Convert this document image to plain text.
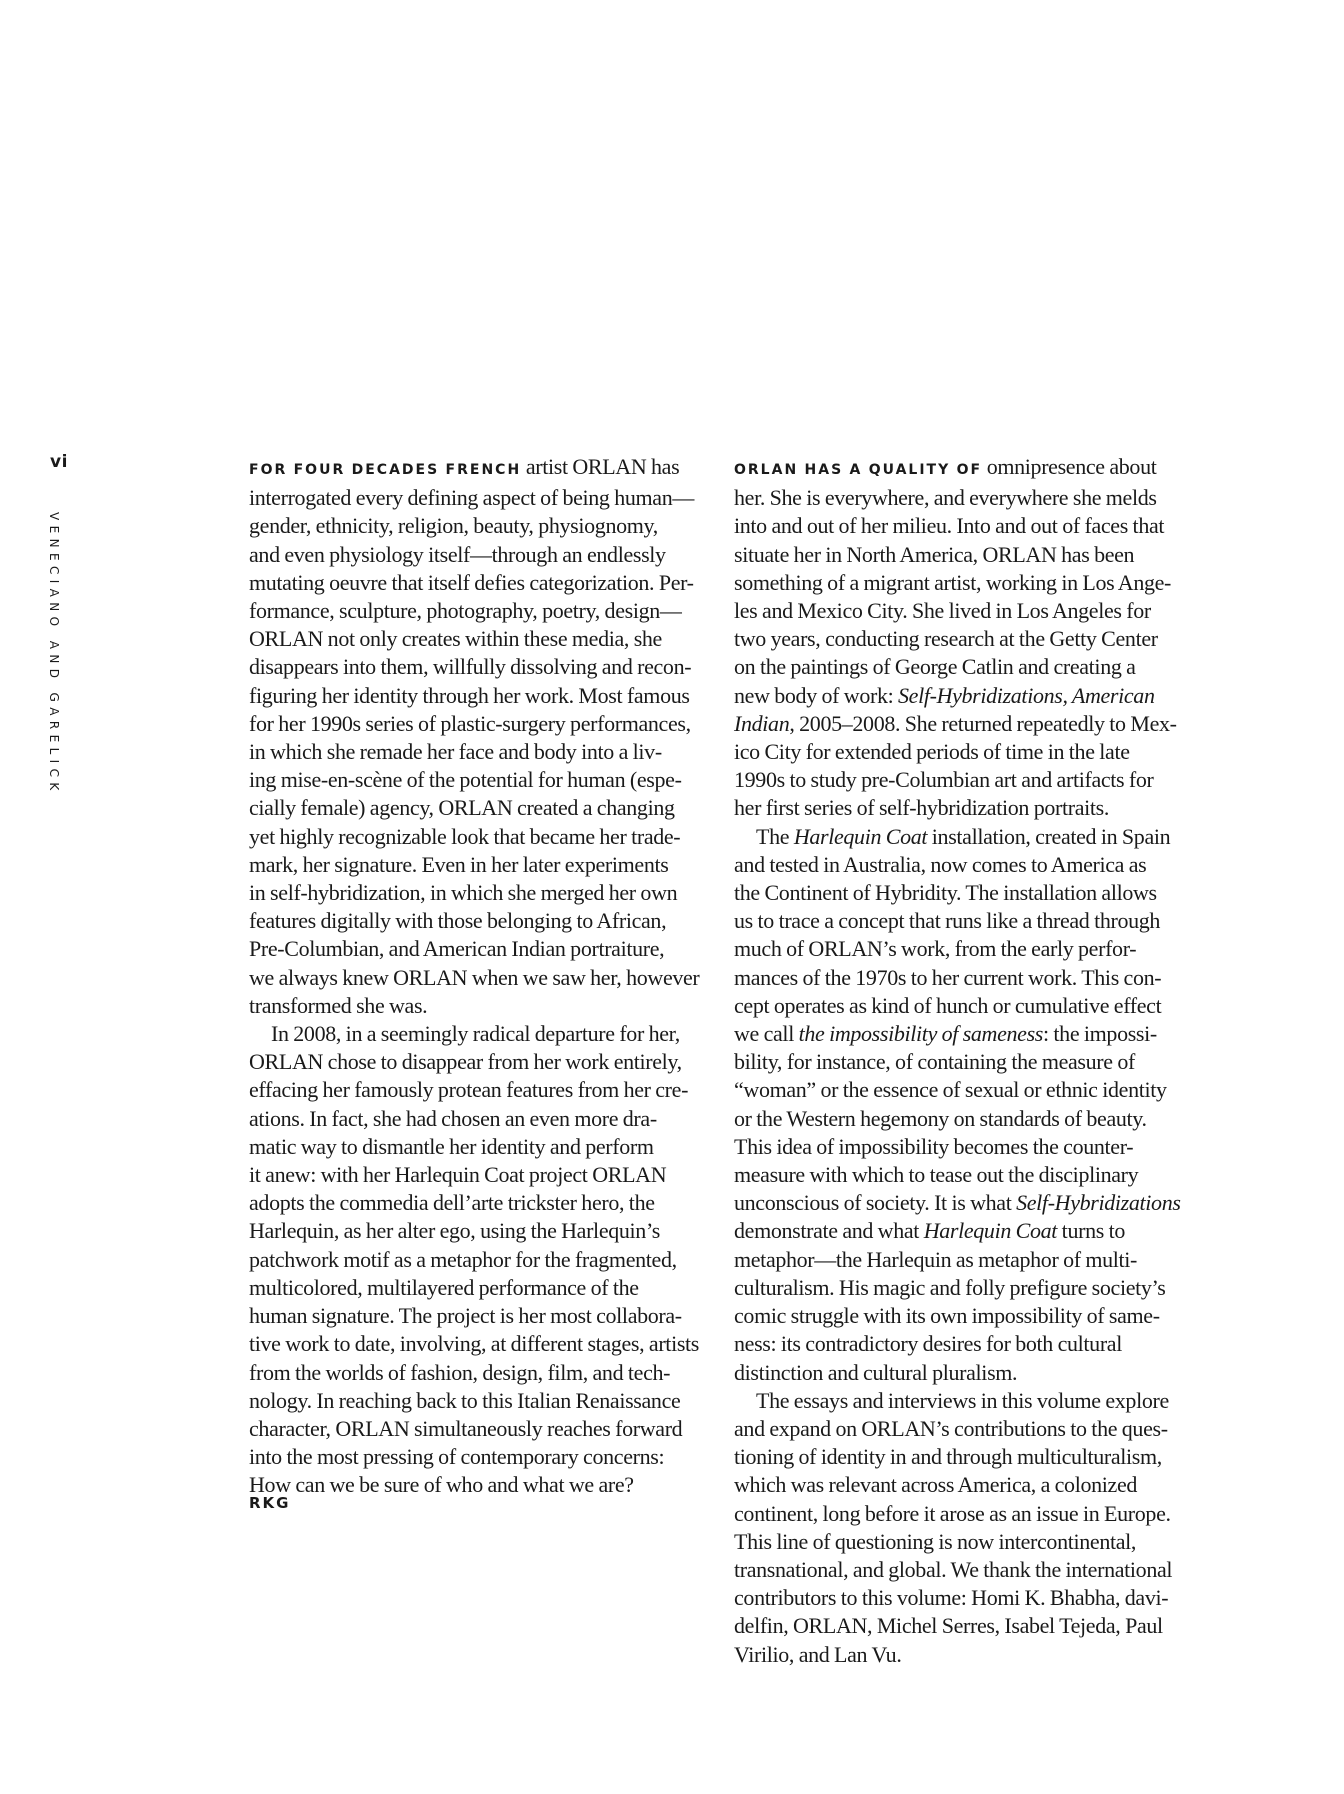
vi
VENECIANO AND GARELICK
FOR FOUR DECADES FRENCH artist ORLAN has
interrogated every defining aspect of being human—
gender, ethnicity, religion, beauty, physiognomy,
and even physiology itself—through an endlessly
mutating oeuvre that itself defies categorization. Per-
formance, sculpture, photography, poetry, design—
ORLAN not only creates within these media, she
disappears into them, willfully dissolving and recon-
figuring her identity through her work. Most famous
for her 1990s series of plastic-surgery performances,
in which she remade her face and body into a liv-
ing mise-en-scène of the potential for human (espe-
cially female) agency, ORLAN created a changing
yet highly recognizable look that became her trade-
mark, her signature. Even in her later experiments
in self-hybridization, in which she merged her own
features digitally with those belonging to African,
Pre-Columbian, and American Indian portraiture,
we always knew ORLAN when we saw her, however
transformed she was.
In 2008, in a seemingly radical departure for her,
ORLAN chose to disappear from her work entirely,
effacing her famously protean features from her cre-
ations. In fact, she had chosen an even more dra-
matic way to dismantle her identity and perform
it anew: with her Harlequin Coat project ORLAN
adopts the commedia dell’arte trickster hero, the
Harlequin, as her alter ego, using the Harlequin’s
patchwork motif as a metaphor for the fragmented,
multicolored, multilayered performance of the
human signature. The project is her most collabora-
tive work to date, involving, at different stages, artists
from the worlds of fashion, design, film, and tech-
nology. In reaching back to this Italian Renaissance
character, ORLAN simultaneously reaches forward
into the most pressing of contemporary concerns:
How can we be sure of who and what we are?
RKG
ORLAN HAS A QUALITY OF omnipresence about
her. She is everywhere, and everywhere she melds
into and out of her milieu. Into and out of faces that
situate her in North America, ORLAN has been
something of a migrant artist, working in Los Ange-
les and Mexico City. She lived in Los Angeles for
two years, conducting research at the Getty Center
on the paintings of George Catlin and creating a
new body of work: Self-Hybridizations, American
Indian, 2005–2008. She returned repeatedly to Mex-
ico City for extended periods of time in the late
1990s to study pre-Columbian art and artifacts for
her first series of self-hybridization portraits.
The Harlequin Coat installation, created in Spain
and tested in Australia, now comes to America as
the Continent of Hybridity. The installation allows
us to trace a concept that runs like a thread through
much of ORLAN’s work, from the early perfor-
mances of the 1970s to her current work. This con-
cept operates as kind of hunch or cumulative effect
we call the impossibility of sameness: the impossi-
bility, for instance, of containing the measure of
“woman” or the essence of sexual or ethnic identity
or the Western hegemony on standards of beauty.
This idea of impossibility becomes the counter-
measure with which to tease out the disciplinary
unconscious of society. It is what Self-Hybridizations
demonstrate and what Harlequin Coat turns to
metaphor—the Harlequin as metaphor of multi-
culturalism. His magic and folly prefigure society’s
comic struggle with its own impossibility of same-
ness: its contradictory desires for both cultural
distinction and cultural pluralism.
The essays and interviews in this volume explore
and expand on ORLAN’s contributions to the ques-
tioning of identity in and through multiculturalism,
which was relevant across America, a colonized
continent, long before it arose as an issue in Europe.
This line of questioning is now intercontinental,
transnational, and global. We thank the international
contributors to this volume: Homi K. Bhabha, davi-
delfin, ORLAN, Michel Serres, Isabel Tejeda, Paul
Virilio, and Lan Vu.
